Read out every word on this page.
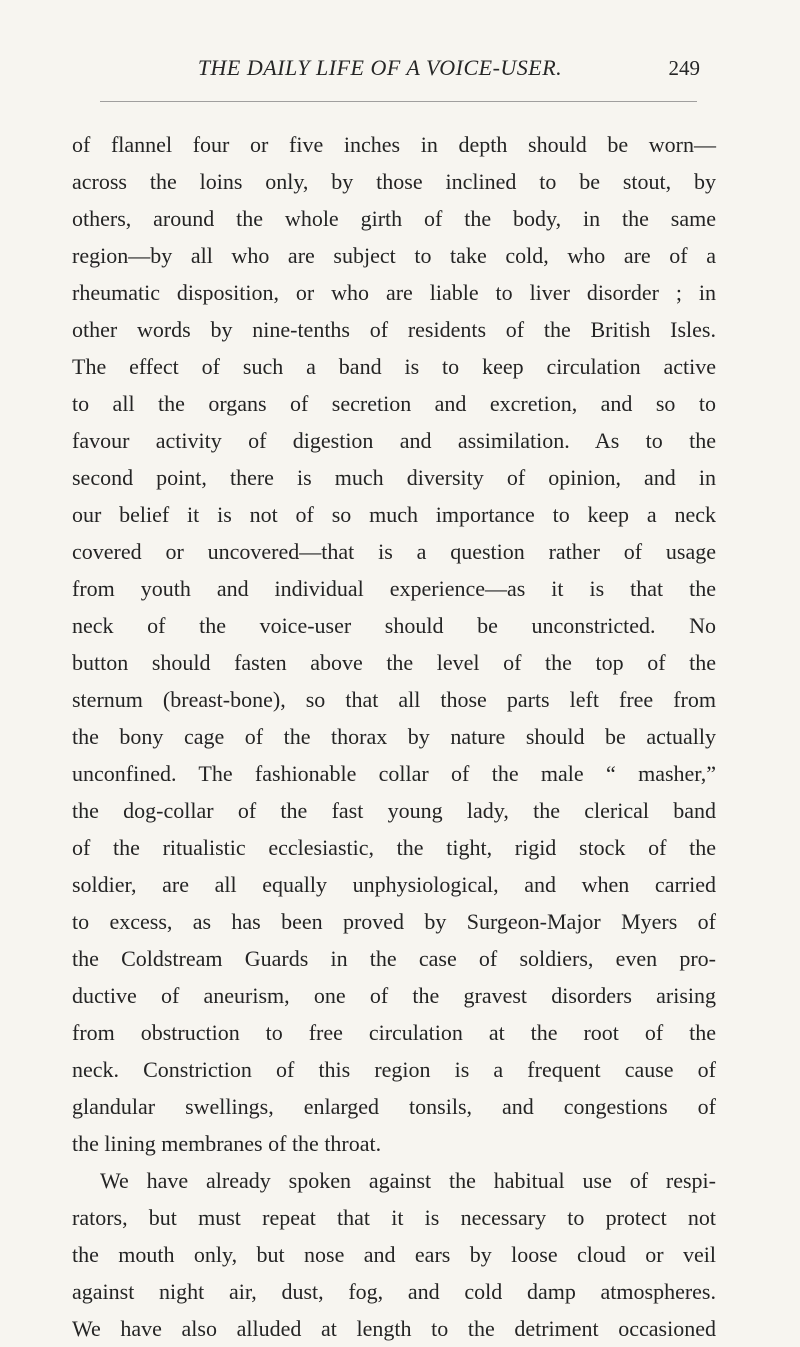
THE DAILY LIFE OF A VOICE-USER.	249
of flannel four or five inches in depth should be worn—
across the loins only, by those inclined to be stout, by
others, around the whole girth of the body, in the same
region—by all who are subject to take cold, who are of a
rheumatic disposition, or who are liable to liver disorder ; in
other words by nine-tenths of residents of the British Isles.
The effect of such a band is to keep circulation active
to all the organs of secretion and excretion, and so to
favour activity of digestion and assimilation. As to the
second point, there is much diversity of opinion, and in
our belief it is not of so much importance to keep a neck
covered or uncovered—that is a question rather of usage
from youth and individual experience—as it is that the
neck of the voice-user should be unconstricted. No
button should fasten above the level of the top of the
sternum (breast-bone), so that all those parts left free from
the bony cage of the thorax by nature should be actually
unconfined. The fashionable collar of the male “ masher,”
the dog-collar of the fast young lady, the clerical band
of the ritualistic ecclesiastic, the tight, rigid stock of the
soldier, are all equally unphysiological, and when carried
to excess, as has been proved by Surgeon-Major Myers of
the Coldstream Guards in the case of soldiers, even pro-
ductive of aneurism, one of the gravest disorders arising
from obstruction to free circulation at the root of the
neck. Constriction of this region is a frequent cause of
glandular swellings, enlarged tonsils, and congestions of
the lining membranes of the throat.
We have already spoken against the habitual use of respi-
rators, but must repeat that it is necessary to protect not
the mouth only, but nose and ears by loose cloud or veil
against night air, dust, fog, and cold damp atmospheres.
We have also alluded at length to the detriment occasioned
